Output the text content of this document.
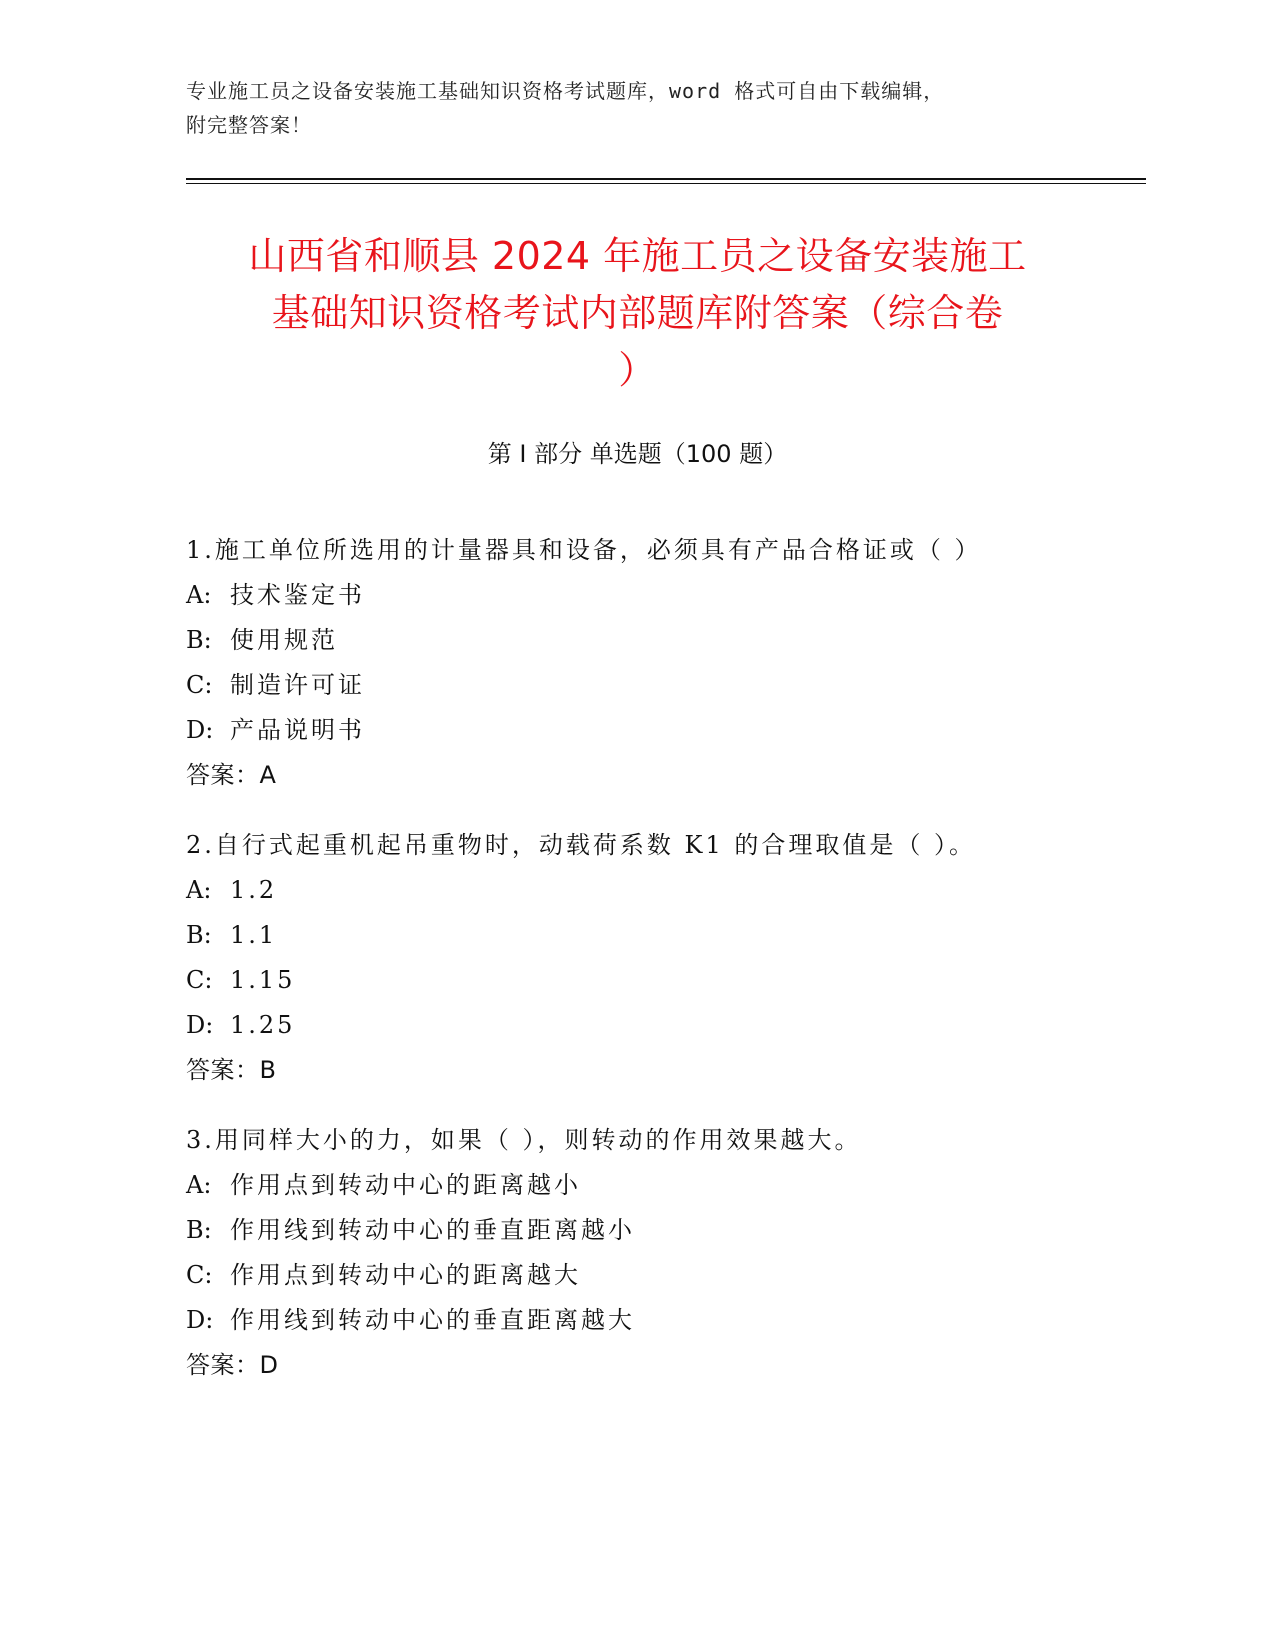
专业施工员之设备安装施工基础知识资格考试题库，word 格式可自由下载编辑，
附完整答案！
山西省和顺县 2024 年施工员之设备安装施工
基础知识资格考试内部题库附答案（综合卷
）
第 I 部分 单选题（100 题）
1.施工单位所选用的计量器具和设备，必须具有产品合格证或（ ）
A: 技术鉴定书
B: 使用规范
C: 制造许可证
D: 产品说明书
答案：A
2.自行式起重机起吊重物时，动载荷系数 K1 的合理取值是（ ）。
A: 1.2
B: 1.1
C: 1.15
D: 1.25
答案：B
3.用同样大小的力，如果（ ），则转动的作用效果越大。
A: 作用点到转动中心的距离越小
B: 作用线到转动中心的垂直距离越小
C: 作用点到转动中心的距离越大
D: 作用线到转动中心的垂直距离越大
答案：D
